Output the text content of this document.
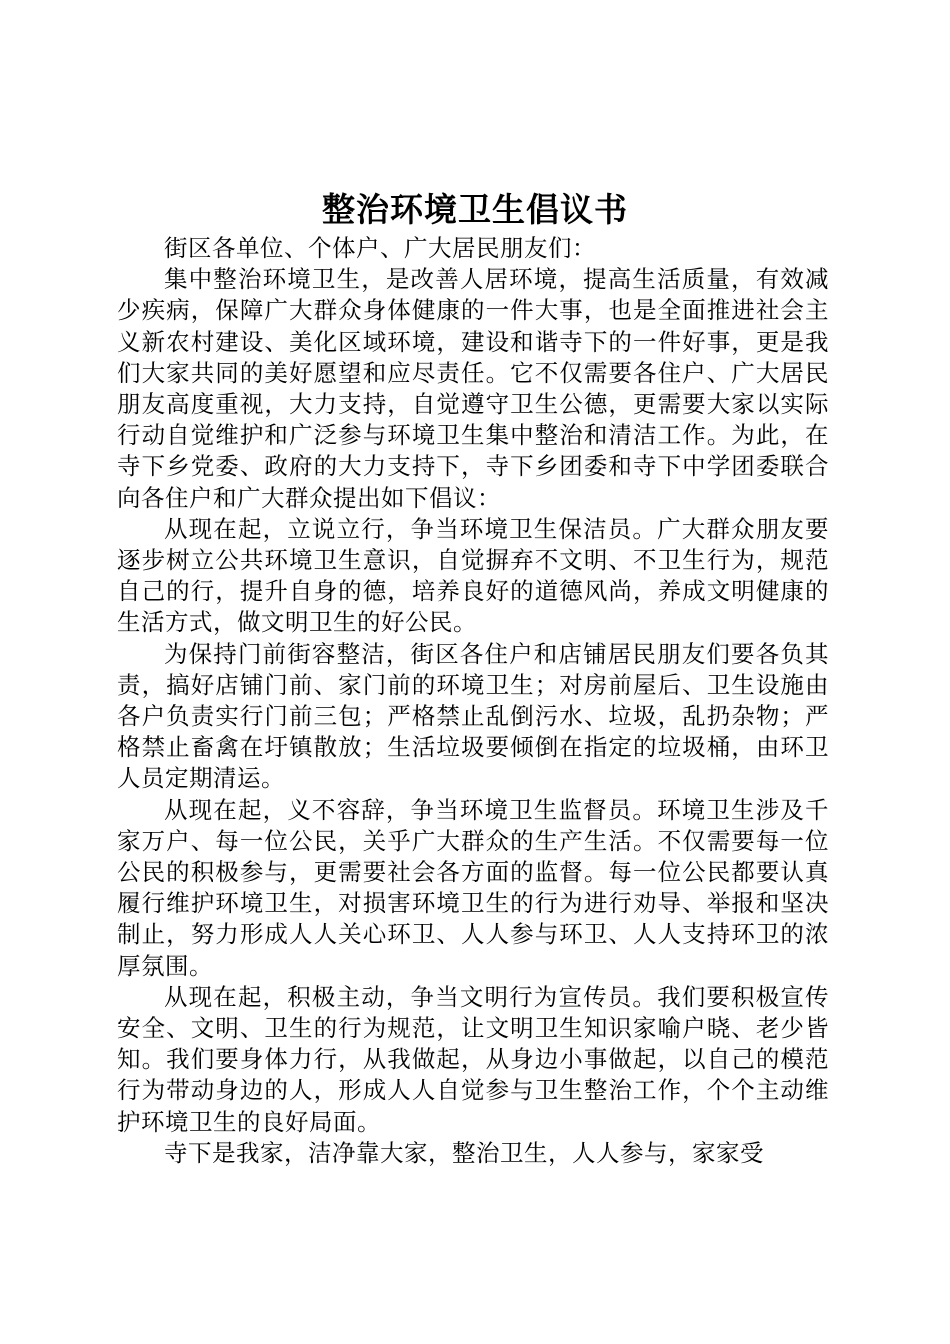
整治环境卫生倡议书

街区各单位、个体户、广大居民朋友们：

集中整治环境卫生，是改善人居环境，提高生活质量，有效减少疾病，保障广大群众身体健康的一件大事，也是全面推进社会主义新农村建设、美化区域环境，建设和谐寺下的一件好事，更是我们大家共同的美好愿望和应尽责任。它不仅需要各住户、广大居民朋友高度重视，大力支持，自觉遵守卫生公德，更需要大家以实际行动自觉维护和广泛参与环境卫生集中整治和清洁工作。为此，在寺下乡党委、政府的大力支持下，寺下乡团委和寺下中学团委联合向各住户和广大群众提出如下倡议：

从现在起，立说立行，争当环境卫生保洁员。广大群众朋友要逐步树立公共环境卫生意识，自觉摒弃不文明、不卫生行为，规范自己的行，提升自身的德，培养良好的道德风尚，养成文明健康的生活方式，做文明卫生的好公民。

为保持门前街容整洁，街区各住户和店铺居民朋友们要各负其责，搞好店铺门前、家门前的环境卫生；对房前屋后、卫生设施由各户负责实行门前三包；严格禁止乱倒污水、垃圾，乱扔杂物；严格禁止畜禽在圩镇散放；生活垃圾要倾倒在指定的垃圾桶，由环卫人员定期清运。

从现在起，义不容辞，争当环境卫生监督员。环境卫生涉及千家万户、每一位公民，关乎广大群众的生产生活。不仅需要每一位公民的积极参与，更需要社会各方面的监督。每一位公民都要认真履行维护环境卫生，对损害环境卫生的行为进行劝导、举报和坚决制止，努力形成人人关心环卫、人人参与环卫、人人支持环卫的浓厚氛围。

从现在起，积极主动，争当文明行为宣传员。我们要积极宣传安全、文明、卫生的行为规范，让文明卫生知识家喻户晓、老少皆知。我们要身体力行，从我做起，从身边小事做起，以自己的模范行为带动身边的人，形成人人自觉参与卫生整治工作，个个主动维护环境卫生的良好局面。

寺下是我家，洁净靠大家，整治卫生，人人参与，家家受
